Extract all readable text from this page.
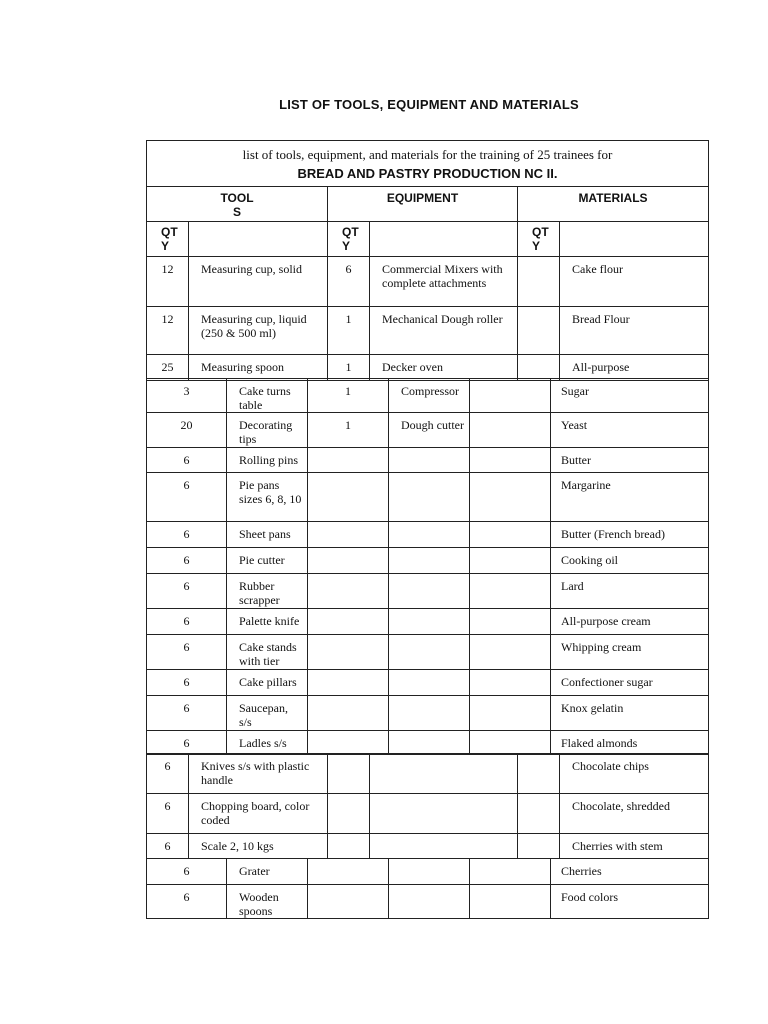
LIST OF TOOLS, EQUIPMENT AND MATERIALS
list of tools, equipment, and materials for the training of 25 trainees for
BREAD AND PASTRY PRODUCTION NC II.					

TOOL S		EQUIPMENT		MATERIALS	

QT Y		QT Y		QT Y	

12	Measuring cup, solid	6	Commercial Mixers with complete attachments		Cake flour
12	Measuring cup, liquid (250 & 500 ml)	1	Mechanical Dough roller		Bread Flour
25	Measuring spoon	1	Decker oven		All-purpose
3	Cake turns table	1	Compressor		Sugar
20	Decorating tips	1	Dough cutter		Yeast
6	Rolling pins				Butter
6	Pie pans sizes 6, 8, 10				Margarine
6	Sheet pans				Butter (French bread)
6	Pie cutter				Cooking oil
6	Rubber scrapper				Lard
6	Palette knife				All-purpose cream
6	Cake stands with tier				Whipping cream
6	Cake pillars				Confectioner sugar
6	Saucepan, s/s				Knox gelatin
6	Ladles s/s				Flaked almonds
6	Knives s/s with plastic handle				Chocolate chips
6	Chopping board, color coded				Chocolate, shredded
6	Scale 2, 10 kgs				Cherries with stem
6	Grater				Cherries
6	Wooden spoons				Food colors
